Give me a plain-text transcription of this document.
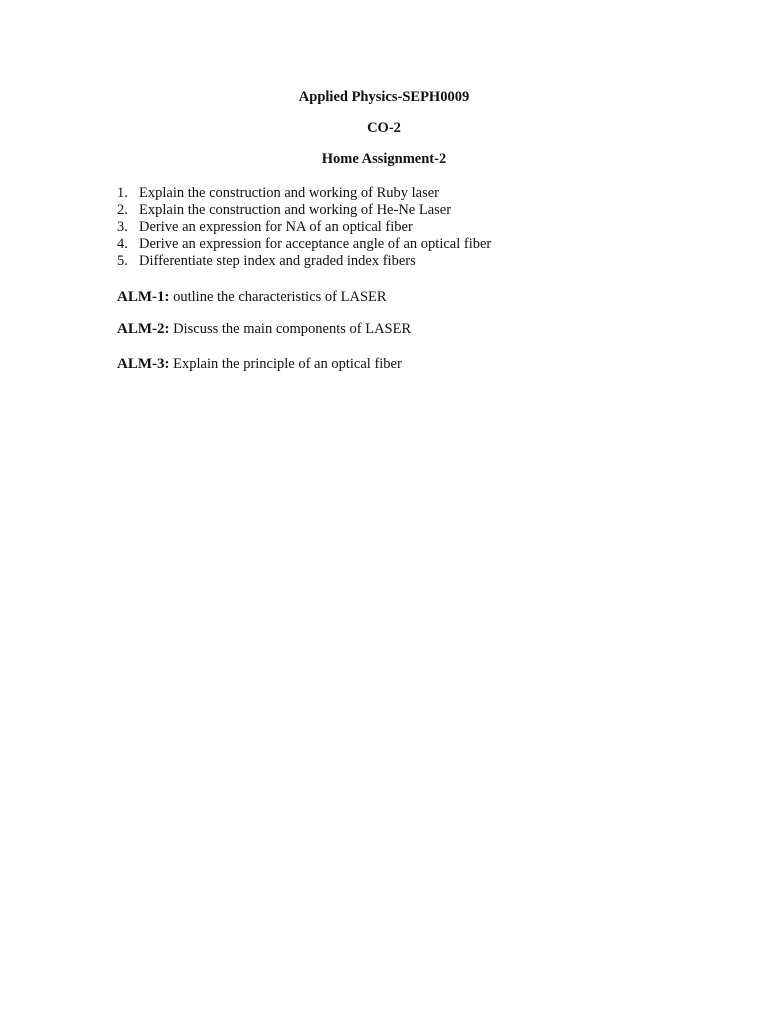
Applied Physics-SEPH0009

CO-2

Home Assignment-2

1. Explain the construction and working of Ruby laser
2. Explain the construction and working of He-Ne Laser
3. Derive an expression for NA of an optical fiber
4. Derive an expression for acceptance angle of an optical fiber
5. Differentiate step index and graded index fibers

ALM-1: outline the characteristics of LASER

ALM-2: Discuss the main components of LASER

ALM-3: Explain the principle of an optical fiber
